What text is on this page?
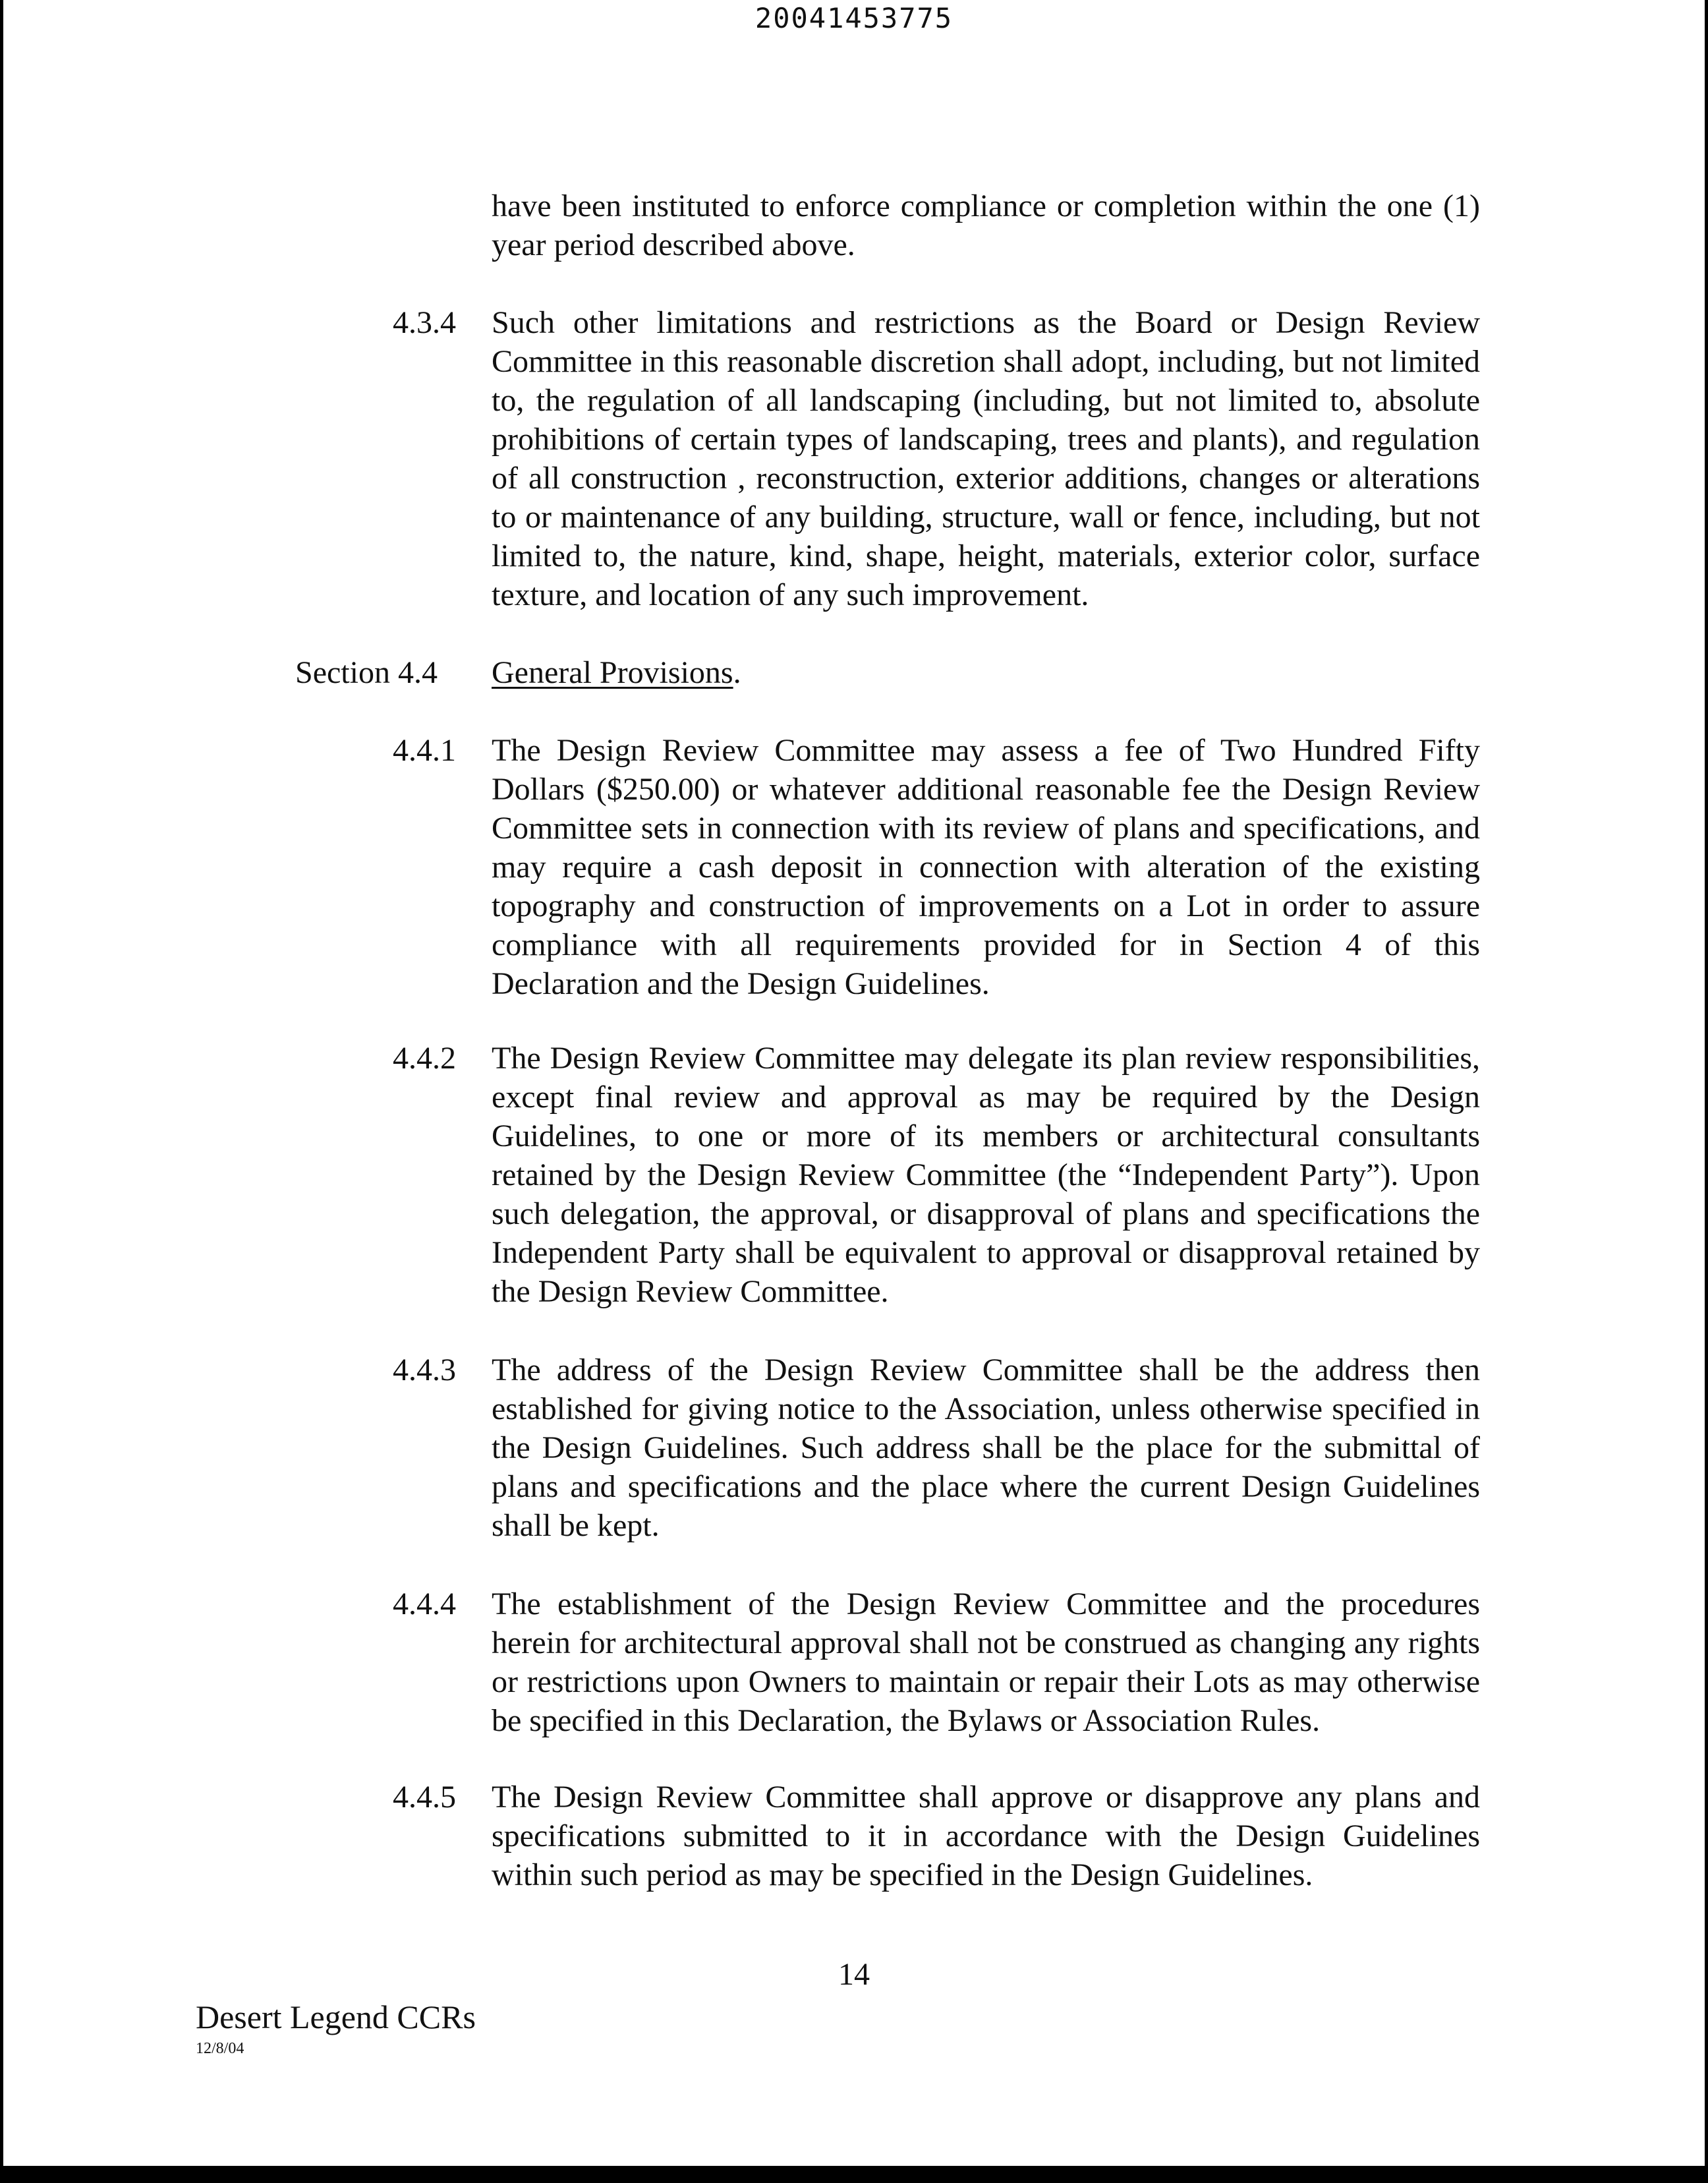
20041453775
have been instituted to enforce compliance or completion within the one (1) year period described above.
4.3.4	Such other limitations and restrictions as the Board or Design Review Committee in this reasonable discretion shall adopt, including, but not limited to, the regulation of all landscaping (including, but not limited to, absolute prohibitions of certain types of landscaping, trees and plants), and regulation of all construction , reconstruction, exterior additions, changes or alterations to or maintenance of any building, structure, wall or fence, including, but not limited to, the nature, kind, shape, height, materials, exterior color, surface texture, and location of any such improvement.
Section 4.4	General Provisions.
4.4.1	The Design Review Committee may assess a fee of Two Hundred Fifty Dollars ($250.00) or whatever additional reasonable fee the Design Review Committee sets in connection with its review of plans and specifications, and may require a cash deposit in connection with alteration of the existing topography and construction of improvements on a Lot in order to assure compliance with all requirements provided for in Section 4 of this Declaration and the Design Guidelines.
4.4.2	The Design Review Committee may delegate its plan review responsibilities, except final review and approval as may be required by the Design Guidelines, to one or more of its members or architectural consultants retained by the Design Review Committee (the “Independent Party”). Upon such delegation, the approval, or disapproval of plans and specifications the Independent Party shall be equivalent to approval or disapproval retained by the Design Review Committee.
4.4.3	The address of the Design Review Committee shall be the address then established for giving notice to the Association, unless otherwise specified in the Design Guidelines. Such address shall be the place for the submittal of plans and specifications and the place where the current Design Guidelines shall be kept.
4.4.4	The establishment of the Design Review Committee and the procedures herein for architectural approval shall not be construed as changing any rights or restrictions upon Owners to maintain or repair their Lots as may otherwise be specified in this Declaration, the Bylaws or Association Rules.
4.4.5	The Design Review Committee shall approve or disapprove any plans and specifications submitted to it in accordance with the Design Guidelines within such period as may be specified in the Design Guidelines.
14
Desert Legend CCRs
12/8/04
